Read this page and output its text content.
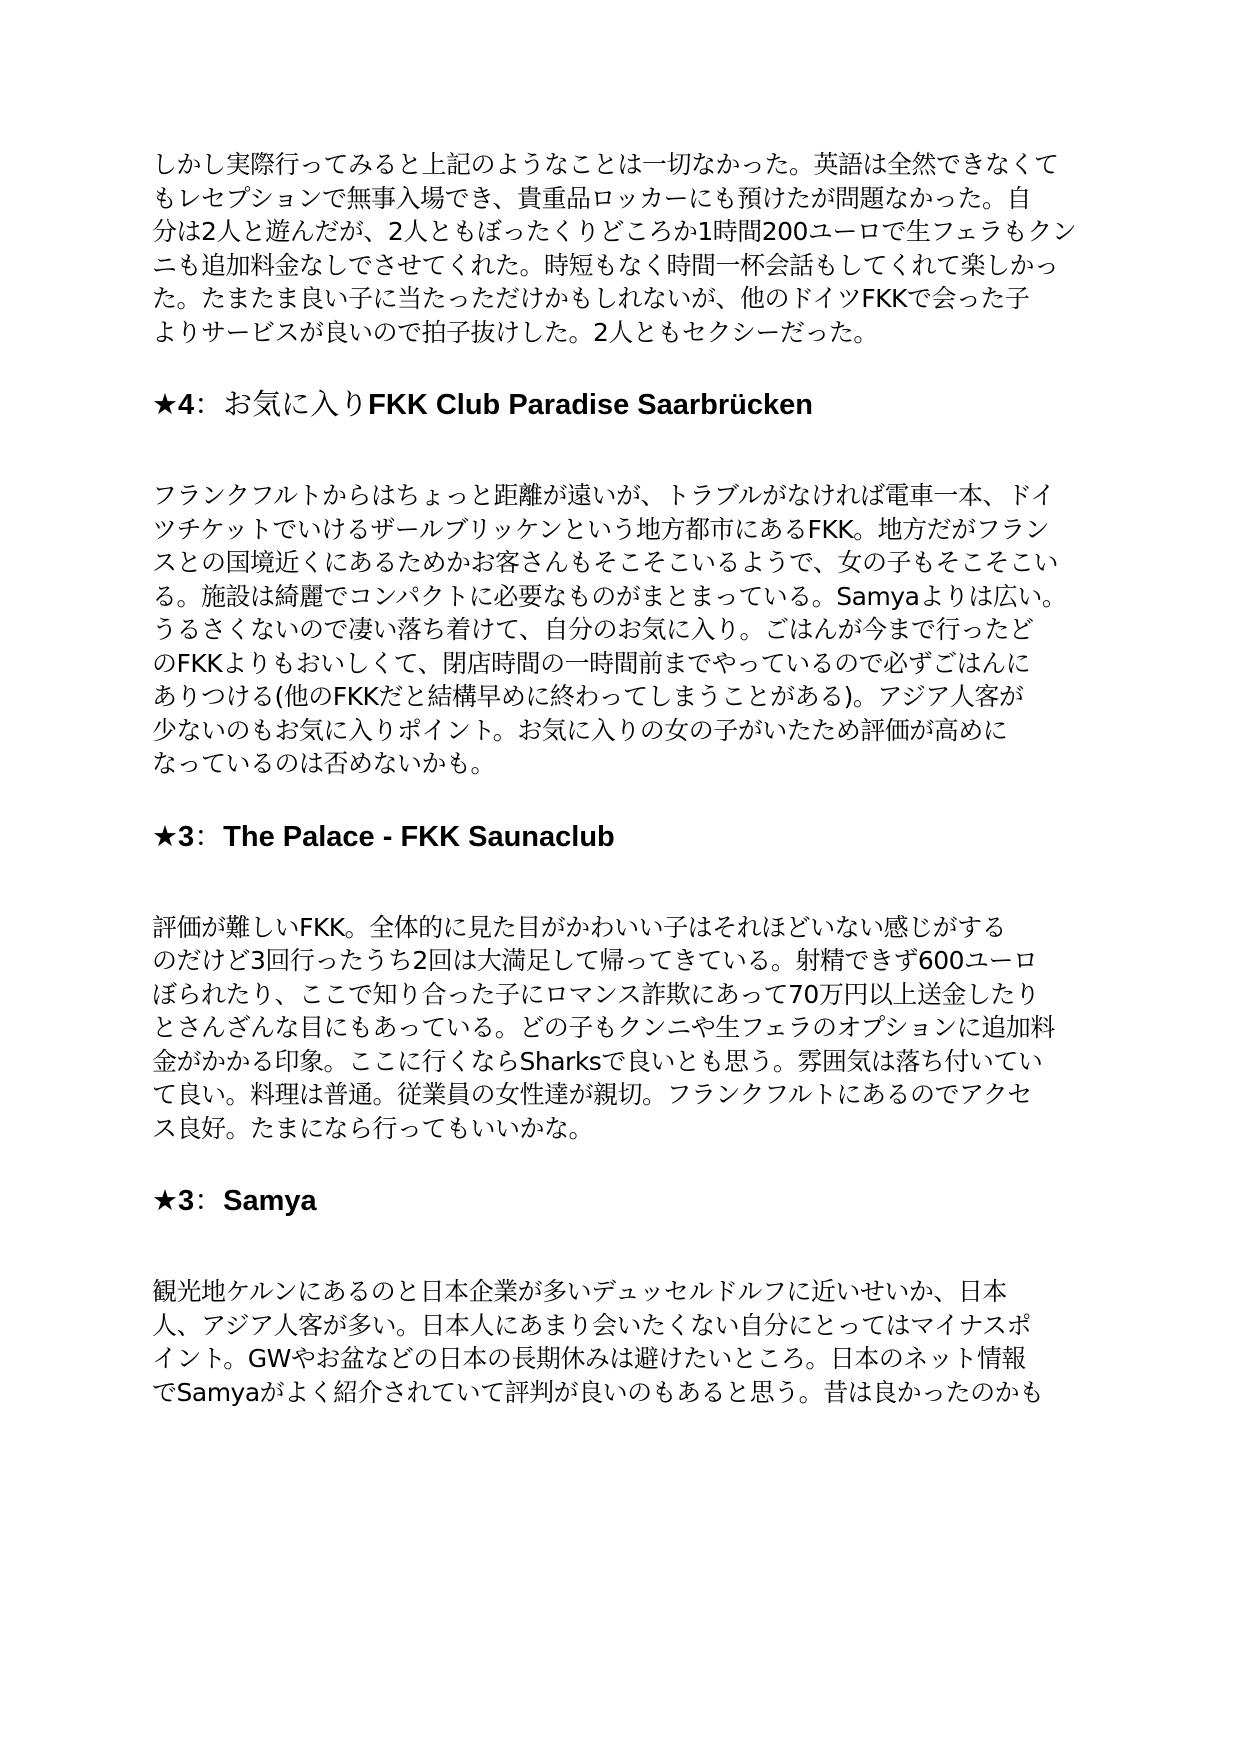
しかし実際行ってみると上記のようなことは一切なかった。英語は全然できなくて
もレセプションで無事入場でき、貴重品ロッカーにも預けたが問題なかった。自
分は2人と遊んだが、2人ともぼったくりどころか1時間200ユーロで生フェラもクン
ニも追加料金なしでさせてくれた。時短もなく時間一杯会話もしてくれて楽しかっ
た。たまたま良い子に当たっただけかもしれないが、他のドイツFKKで会った子
よりサービスが良いので拍子抜けした。2人ともセクシーだった。

★4：お気に入りFKK Club Paradise Saarbrücken

フランクフルトからはちょっと距離が遠いが、トラブルがなければ電車一本、ドイ
ツチケットでいけるザールブリッケンという地方都市にあるFKK。地方だがフラン
スとの国境近くにあるためかお客さんもそこそこいるようで、女の子もそこそこい
る。施設は綺麗でコンパクトに必要なものがまとまっている。Samyaよりは広い。
うるさくないので凄い落ち着けて、自分のお気に入り。ごはんが今まで行ったど
のFKKよりもおいしくて、閉店時間の一時間前までやっているので必ずごはんに
ありつける(他のFKKだと結構早めに終わってしまうことがある)。アジア人客が
少ないのもお気に入りポイント。お気に入りの女の子がいたため評価が高めに
なっているのは否めないかも。

★3：The Palace - FKK Saunaclub

評価が難しいFKK。全体的に見た目がかわいい子はそれほどいない感じがする
のだけど3回行ったうち2回は大満足して帰ってきている。射精できず600ユーロ
ぼられたり、ここで知り合った子にロマンス詐欺にあって70万円以上送金したり
とさんざんな目にもあっている。どの子もクンニや生フェラのオプションに追加料
金がかかる印象。ここに行くならSharksで良いとも思う。雰囲気は落ち付いてい
て良い。料理は普通。従業員の女性達が親切。フランクフルトにあるのでアクセ
ス良好。たまになら行ってもいいかな。

★3：Samya

観光地ケルンにあるのと日本企業が多いデュッセルドルフに近いせいか、日本
人、アジア人客が多い。日本人にあまり会いたくない自分にとってはマイナスポ
イント。GWやお盆などの日本の長期休みは避けたいところ。日本のネット情報
でSamyaがよく紹介されていて評判が良いのもあると思う。昔は良かったのかも
